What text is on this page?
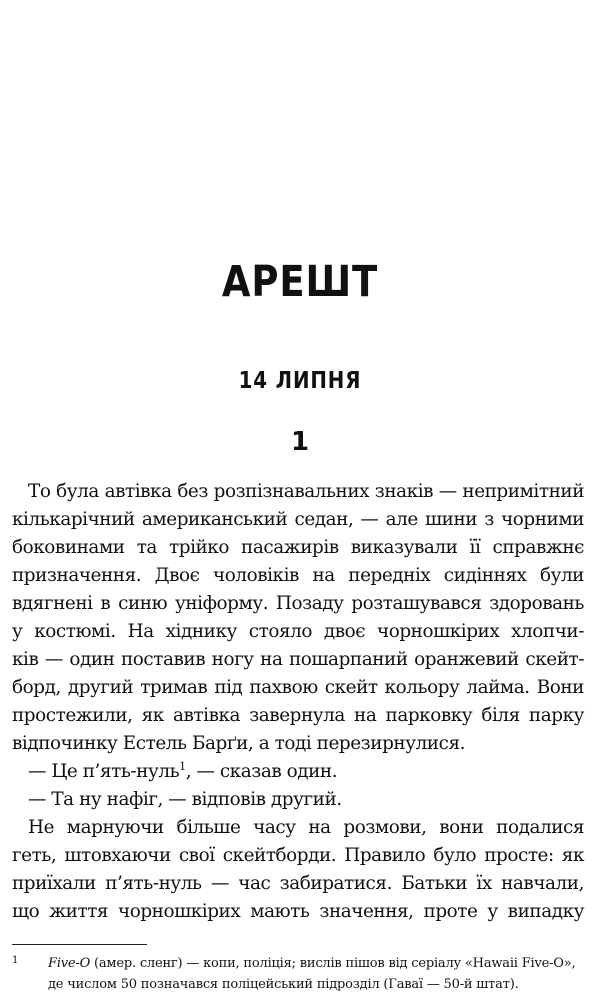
АРЕШТ
14 ЛИПНЯ
1
То була автівка без розпізнавальних знаків — непримітний
кількарічний американський седан, — але шини з чорними
боковинами та трійко пасажирів виказували її справжнє
призначення. Двоє чоловіків на передніх сидіннях були
вдягнені в синю уніформу. Позаду розташувався здоровань
у костюмі. На хіднику стояло двоє чорношкірих хлопчи-
ків — один поставив ногу на пошарпаний оранжевий скейт-
борд, другий тримав під пахвою скейт кольору лайма. Вони
простежили, як автівка завернула на парковку біля парку
відпочинку Естель Барґи, а тоді перезирнулися.
— Це п’ять-нуль$^1$, — сказав один.
— Та ну нафіг, — відповів другий.
Не марнуючи більше часу на розмови, вони подалися
геть, штовхаючи свої скейтборди. Правило було просте: як
приїхали п’ять-нуль — час забиратися. Батьки їх навчали,
що життя чорношкірих мають значення, проте у випадку
1 Five-O (амер. сленг) — копи, поліція; вислів пішов від серіалу «Hawaii Five-O»,
де числом 50 позначався поліцейський підрозділ (Гаваї — 50-й штат).
